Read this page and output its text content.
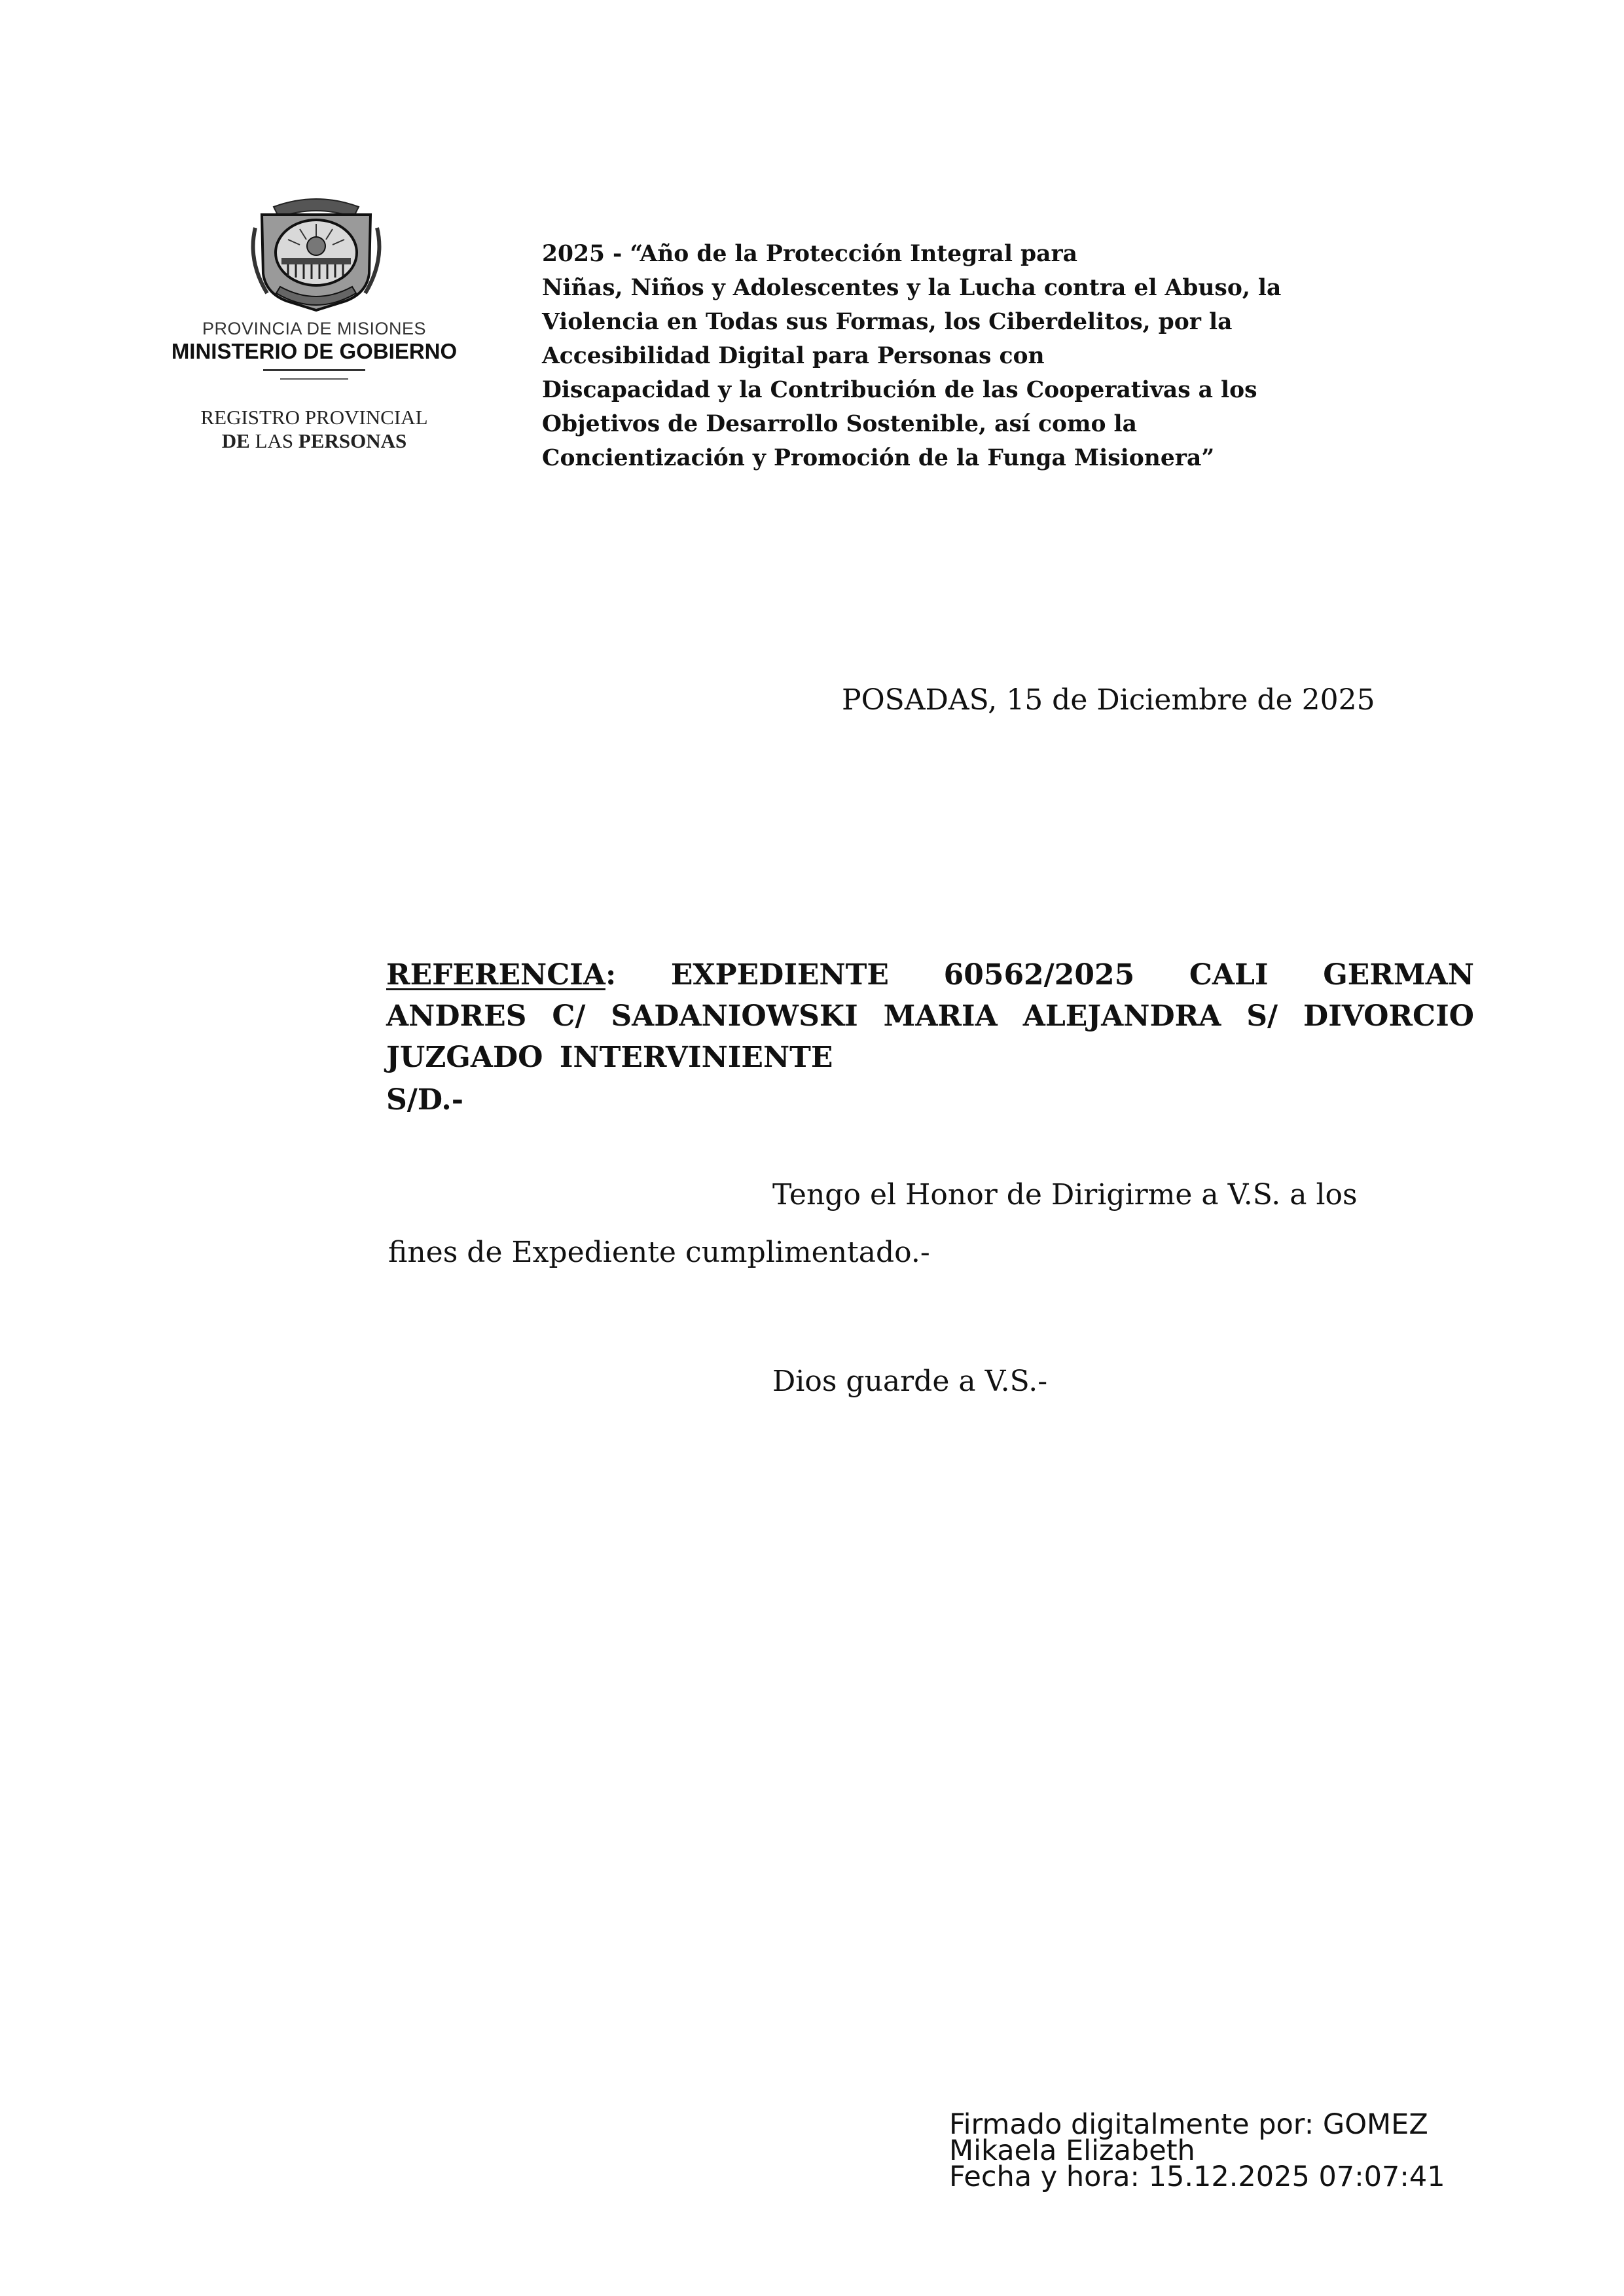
PROVINCIA DE MISIONES
MINISTERIO DE GOBIERNO
REGISTRO PROVINCIAL
DE LAS PERSONAS
2025 - “Año de la Protección Integral para
Niñas, Niños y Adolescentes y la Lucha contra el Abuso, la
Violencia en Todas sus Formas, los Ciberdelitos, por la
Accesibilidad Digital para Personas con
Discapacidad y la Contribución de las Cooperativas a los
Objetivos de Desarrollo Sostenible, así como la
Concientización y Promoción de la Funga Misionera”
POSADAS, 15 de Diciembre de 2025
REFERENCIA: EXPEDIENTE 60562/2025 CALI GERMAN
ANDRES C/ SADANIOWSKI MARIA ALEJANDRA S/ DIVORCIO
JUZGADO INTERVINIENTE
S/D.-
Tengo el Honor de Dirigirme a V.S. a los
fines de Expediente cumplimentado.-
Dios guarde a V.S.-
Firmado digitalmente por: GOMEZ
Mikaela Elizabeth
Fecha y hora: 15.12.2025 07:07:41
